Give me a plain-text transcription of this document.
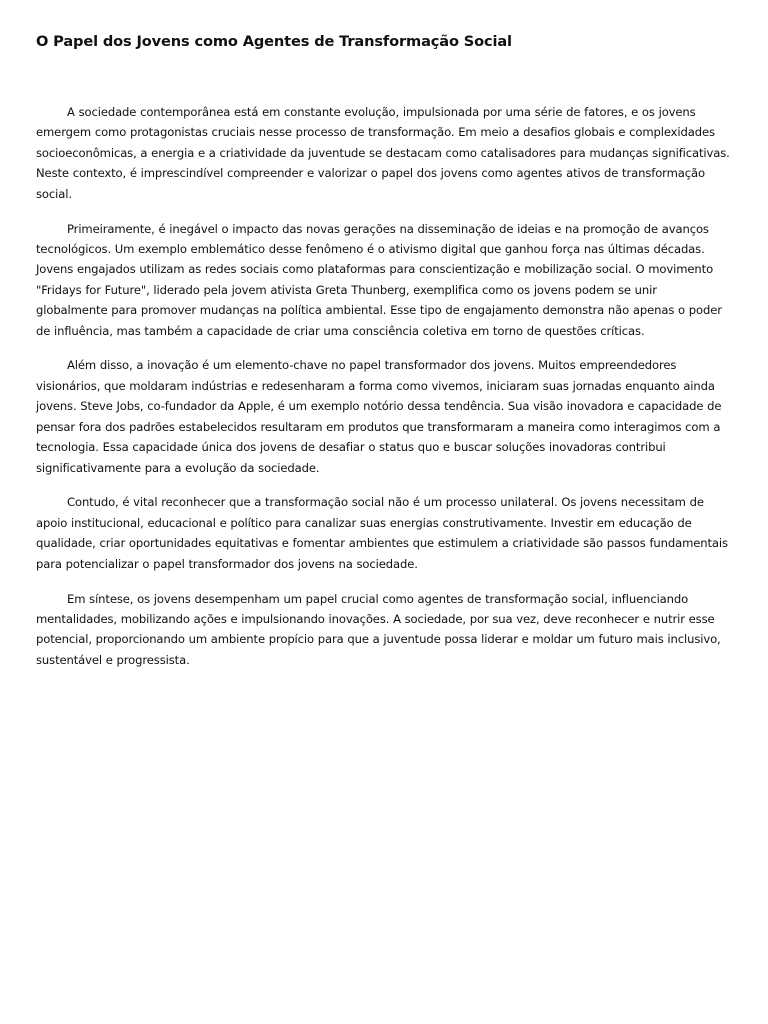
O Papel dos Jovens como Agentes de Transformação Social

A sociedade contemporânea está em constante evolução, impulsionada por uma série de fatores, e os jovens emergem como protagonistas cruciais nesse processo de transformação. Em meio a desafios globais e complexidades socioeconômicas, a energia e a criatividade da juventude se destacam como catalisadores para mudanças significativas. Neste contexto, é imprescindível compreender e valorizar o papel dos jovens como agentes ativos de transformação social.

Primeiramente, é inegável o impacto das novas gerações na disseminação de ideias e na promoção de avanços tecnológicos. Um exemplo emblemático desse fenômeno é o ativismo digital que ganhou força nas últimas décadas. Jovens engajados utilizam as redes sociais como plataformas para conscientização e mobilização social. O movimento "Fridays for Future", liderado pela jovem ativista Greta Thunberg, exemplifica como os jovens podem se unir globalmente para promover mudanças na política ambiental. Esse tipo de engajamento demonstra não apenas o poder de influência, mas também a capacidade de criar uma consciência coletiva em torno de questões críticas.

Além disso, a inovação é um elemento-chave no papel transformador dos jovens. Muitos empreendedores visionários, que moldaram indústrias e redesenharam a forma como vivemos, iniciaram suas jornadas enquanto ainda jovens. Steve Jobs, co-fundador da Apple, é um exemplo notório dessa tendência. Sua visão inovadora e capacidade de pensar fora dos padrões estabelecidos resultaram em produtos que transformaram a maneira como interagimos com a tecnologia. Essa capacidade única dos jovens de desafiar o status quo e buscar soluções inovadoras contribui significativamente para a evolução da sociedade.

Contudo, é vital reconhecer que a transformação social não é um processo unilateral. Os jovens necessitam de apoio institucional, educacional e político para canalizar suas energias construtivamente. Investir em educação de qualidade, criar oportunidades equitativas e fomentar ambientes que estimulem a criatividade são passos fundamentais para potencializar o papel transformador dos jovens na sociedade.

Em síntese, os jovens desempenham um papel crucial como agentes de transformação social, influenciando mentalidades, mobilizando ações e impulsionando inovações. A sociedade, por sua vez, deve reconhecer e nutrir esse potencial, proporcionando um ambiente propício para que a juventude possa liderar e moldar um futuro mais inclusivo, sustentável e progressista.
